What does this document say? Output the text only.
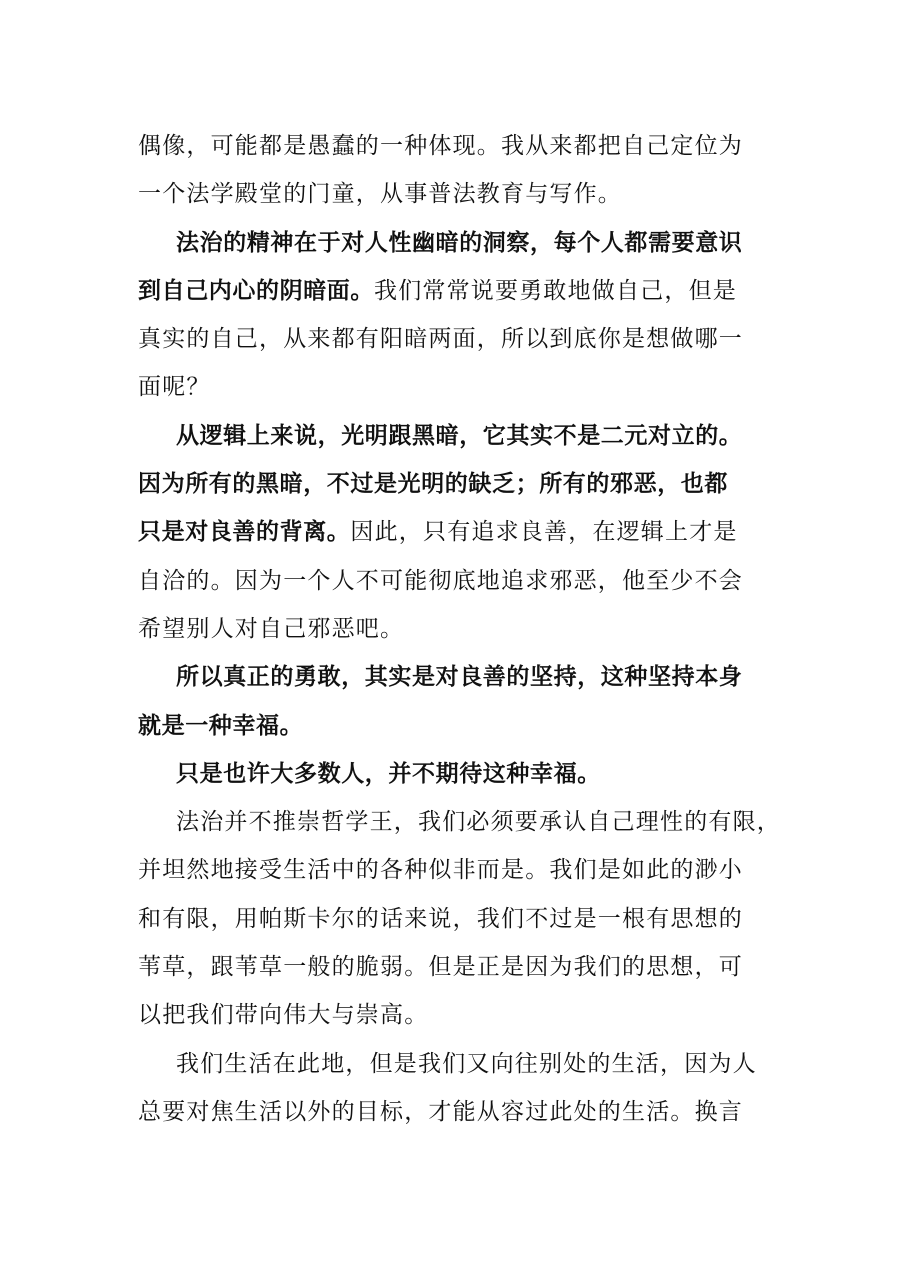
偶像，可能都是愚蠢的一种体现。我从来都把自己定位为
一个法学殿堂的门童，从事普法教育与写作。
法治的精神在于对人性幽暗的洞察，每个人都需要意识
到自己内心的阴暗面。我们常常说要勇敢地做自己，但是
真实的自己，从来都有阳暗两面，所以到底你是想做哪一
面呢？
从逻辑上来说，光明跟黑暗，它其实不是二元对立的。
因为所有的黑暗，不过是光明的缺乏；所有的邪恶，也都
只是对良善的背离。因此，只有追求良善，在逻辑上才是
自洽的。因为一个人不可能彻底地追求邪恶，他至少不会
希望别人对自己邪恶吧。
所以真正的勇敢，其实是对良善的坚持，这种坚持本身
就是一种幸福。
只是也许大多数人，并不期待这种幸福。
法治并不推崇哲学王，我们必须要承认自己理性的有限，
并坦然地接受生活中的各种似非而是。我们是如此的渺小
和有限，用帕斯卡尔的话来说，我们不过是一根有思想的
苇草，跟苇草一般的脆弱。但是正是因为我们的思想，可
以把我们带向伟大与崇高。
我们生活在此地，但是我们又向往别处的生活，因为人
总要对焦生活以外的目标，才能从容过此处的生活。换言
